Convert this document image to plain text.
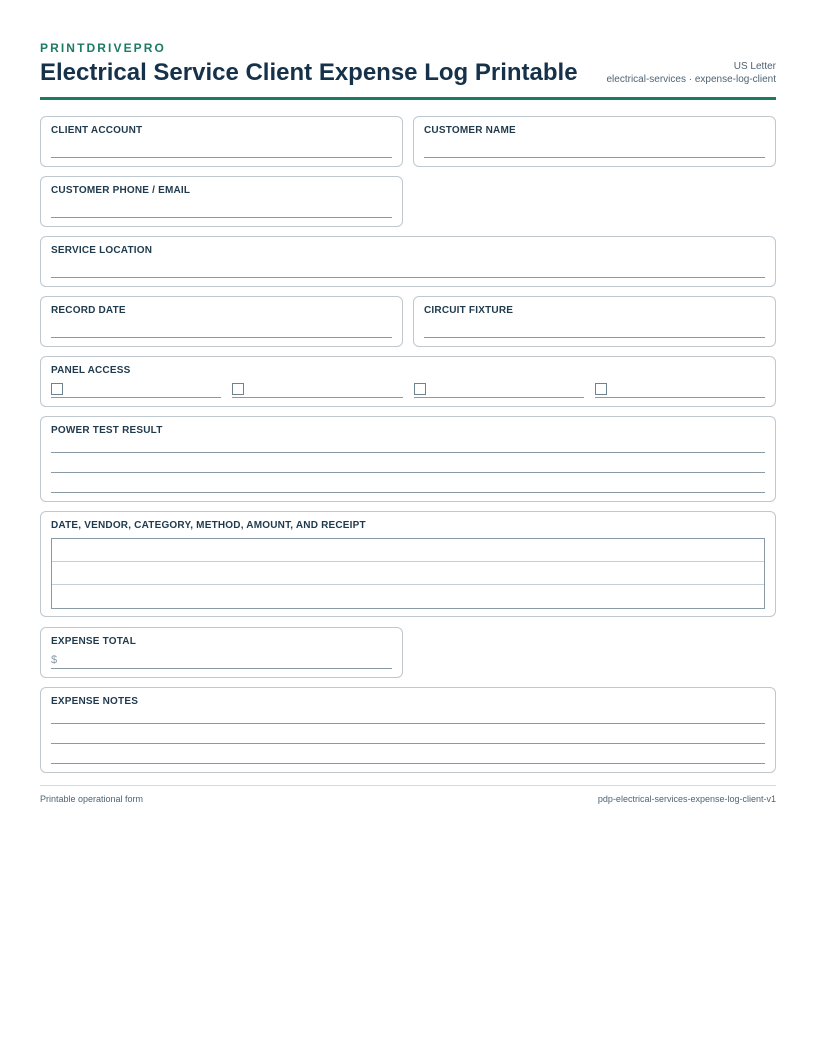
PRINTDRIVEPRO
Electrical Service Client Expense Log Printable	US Letter
electrical-services · expense-log-client
CLIENT ACCOUNT	CUSTOMER NAME
CUSTOMER PHONE / EMAIL
SERVICE LOCATION
RECORD DATE	CIRCUIT FIXTURE
PANEL ACCESS
POWER TEST RESULT
DATE, VENDOR, CATEGORY, METHOD, AMOUNT, AND RECEIPT
EXPENSE TOTAL
$
EXPENSE NOTES
Printable operational form	pdp-electrical-services-expense-log-client-v1
